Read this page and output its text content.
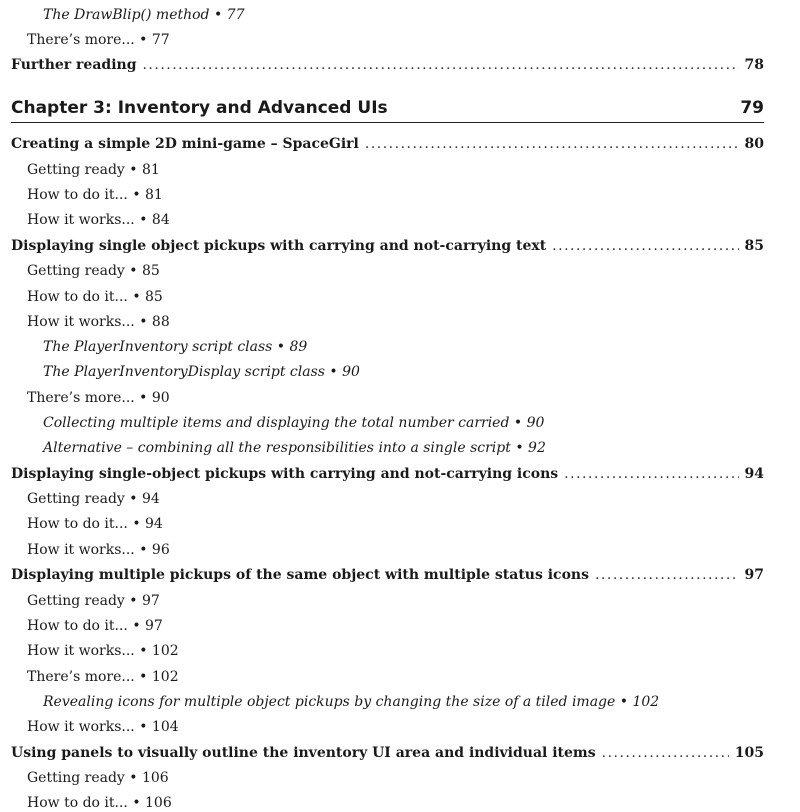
The DrawBlip() method • 77
There’s more... • 77
Further reading .....	78
Chapter 3: Inventory and Advanced UIs	79
Creating a simple 2D mini-game – SpaceGirl .....	80
Getting ready • 81
How to do it... • 81
How it works... • 84
Displaying single object pickups with carrying and not-carrying text .....	85
Getting ready • 85
How to do it... • 85
How it works... • 88
The PlayerInventory script class • 89
The PlayerInventoryDisplay script class • 90
There’s more... • 90
Collecting multiple items and displaying the total number carried • 90
Alternative – combining all the responsibilities into a single script • 92
Displaying single-object pickups with carrying and not-carrying icons .....	94
Getting ready • 94
How to do it... • 94
How it works... • 96
Displaying multiple pickups of the same object with multiple status icons .....	97
Getting ready • 97
How to do it... • 97
How it works... • 102
There’s more... • 102
Revealing icons for multiple object pickups by changing the size of a tiled image • 102
How it works... • 104
Using panels to visually outline the inventory UI area and individual items .....	105
Getting ready • 106
How to do it... • 106
